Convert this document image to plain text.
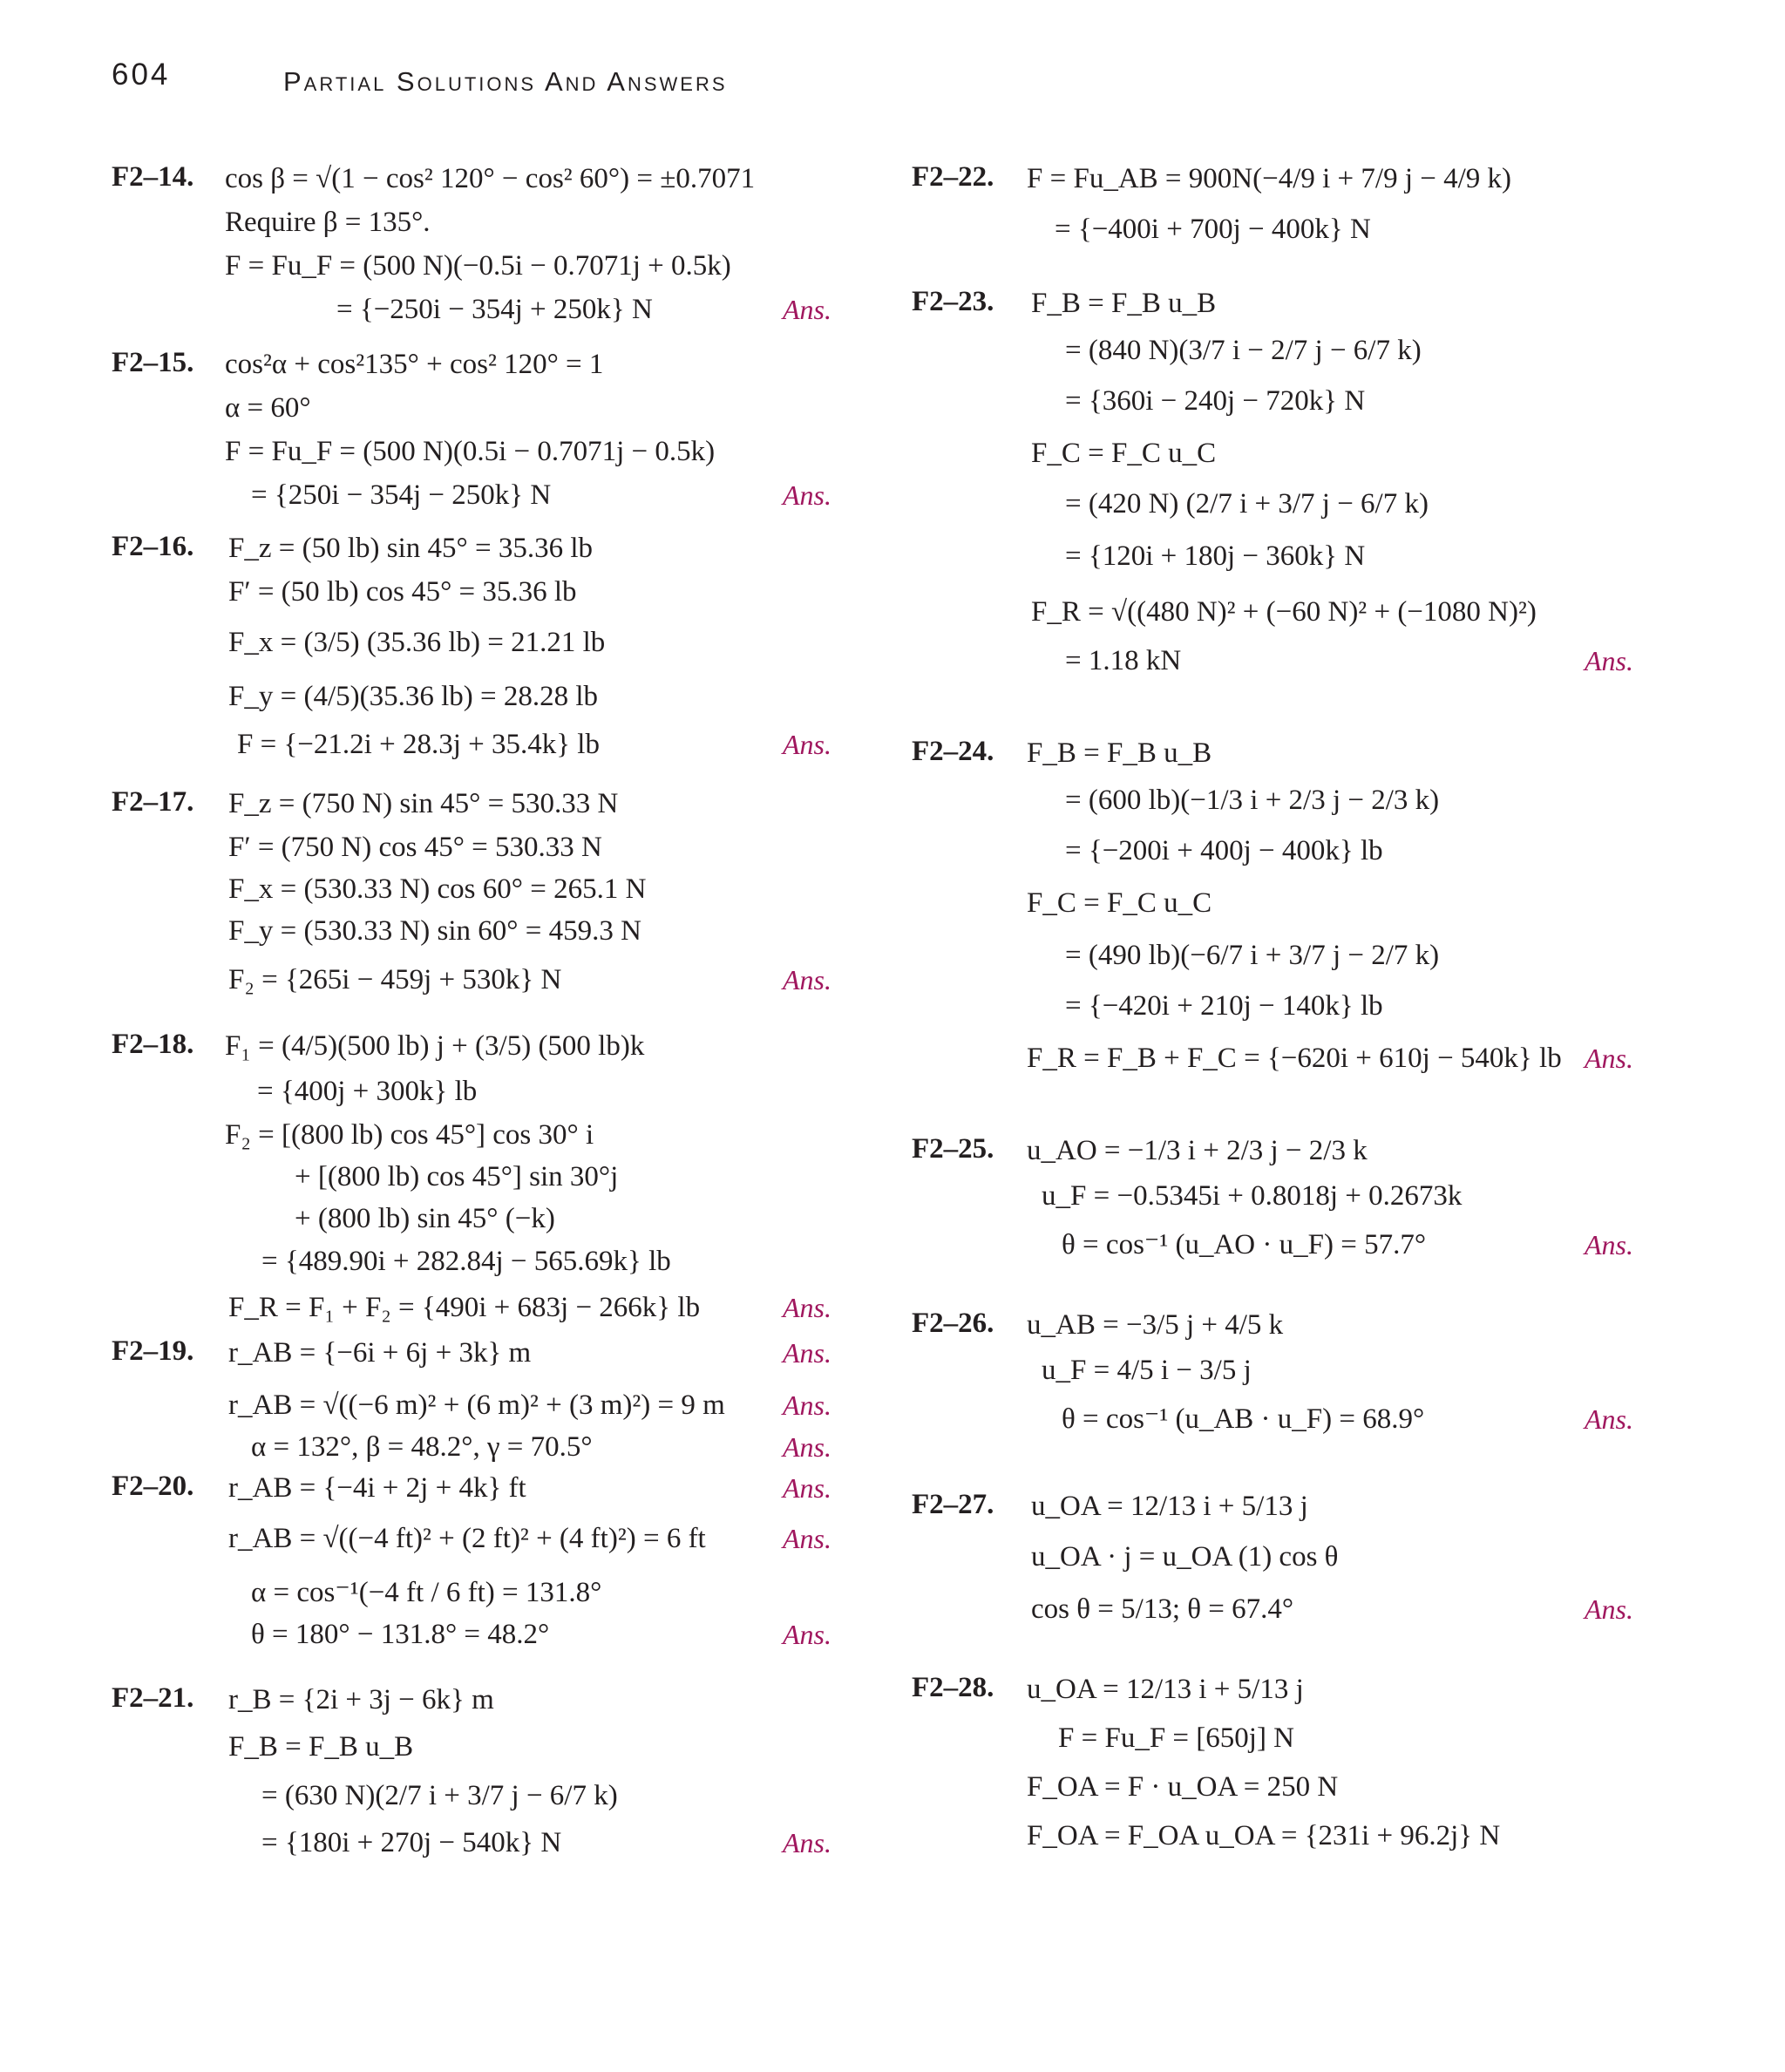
604	Partial Solutions And Answers
F2–14. cos β = √(1 − cos² 120° − cos² 60°) = ±0.7071
Require β = 135°.
F = Fu_F = (500 N)(−0.5i − 0.7071j + 0.5k)
= {−250i − 354j + 250k} N	Ans.
F2–15. cos²α + cos²135° + cos² 120° = 1
α = 60°
F = Fu_F = (500 N)(0.5i − 0.7071j − 0.5k)
= {250i − 354j − 250k} N	Ans.
F2–16. F_z = (50 lb) sin 45° = 35.36 lb
F′ = (50 lb) cos 45° = 35.36 lb
F_x = (3/5) (35.36 lb) = 21.21 lb
F_y = (4/5)(35.36 lb) = 28.28 lb
F = {−21.2i + 28.3j + 35.4k} lb	Ans.
F2–17. F_z = (750 N) sin 45° = 530.33 N
F′ = (750 N) cos 45° = 530.33 N
F_x = (530.33 N) cos 60° = 265.1 N
F_y = (530.33 N) sin 60° = 459.3 N
F₂ = {265i − 459j + 530k} N	Ans.
F2–18. F₁ = (4/5)(500 lb) j + (3/5) (500 lb)k
= {400j + 300k} lb
F₂ = [(800 lb) cos 45°] cos 30° i
+ [(800 lb) cos 45°] sin 30°j
+ (800 lb) sin 45° (−k)
= {489.90i + 282.84j − 565.69k} lb
F_R = F₁ + F₂ = {490i + 683j − 266k} lb	Ans.
F2–19. r_AB = {−6i + 6j + 3k} m	Ans.
r_AB = √((−6 m)² + (6 m)² + (3 m)²) = 9 m Ans.
α = 132°, β = 48.2°, γ = 70.5°	Ans.
F2–20. r_AB = {−4i + 2j + 4k} ft	Ans.
r_AB = √((−4 ft)² + (2 ft)² + (4 ft)²) = 6 ft	Ans.
α = cos⁻¹(−4 ft / 6 ft) = 131.8°
θ = 180° − 131.8° = 48.2°	Ans.
F2–21. r_B = {2i + 3j − 6k} m
F_B = F_B u_B
= (630 N)(2/7 i + 3/7 j − 6/7 k)
= {180i + 270j − 540k} N	Ans.
F2–22. F = Fu_AB = 900N(−4/9 i + 7/9 j − 4/9 k)
= {−400i + 700j − 400k} N
F2–23. F_B = F_B u_B
= (840 N)(3/7 i − 2/7 j − 6/7 k)
= {360i − 240j − 720k} N
F_C = F_C u_C
= (420 N) (2/7 i + 3/7 j − 6/7 k)
= {120i + 180j − 360k} N
F_R = √((480 N)² + (−60 N)² + (−1080 N)²)
= 1.18 kN	Ans.
F2–24. F_B = F_B u_B
= (600 lb)(−1/3 i + 2/3 j − 2/3 k)
= {−200i + 400j − 400k} lb
F_C = F_C u_C
= (490 lb)(−6/7 i + 3/7 j − 2/7 k)
= {−420i + 210j − 140k} lb
F_R = F_B + F_C = {−620i + 610j − 540k} lb Ans.
F2–25. u_AO = −1/3 i + 2/3 j − 2/3 k
u_F = −0.5345i + 0.8018j + 0.2673k
θ = cos⁻¹ (u_AO · u_F) = 57.7°	Ans.
F2–26. u_AB = −3/5 j + 4/5 k
u_F = 4/5 i − 3/5 j
θ = cos⁻¹ (u_AB · u_F) = 68.9°	Ans.
F2–27. u_OA = 12/13 i + 5/13 j
u_OA · j = u_OA (1) cos θ
cos θ = 5/13; θ = 67.4°	Ans.
F2–28. u_OA = 12/13 i + 5/13 j
F = Fu_F = [650j] N
F_OA = F · u_OA = 250 N
F_OA = F_OA u_OA = {231i + 96.2j} N
